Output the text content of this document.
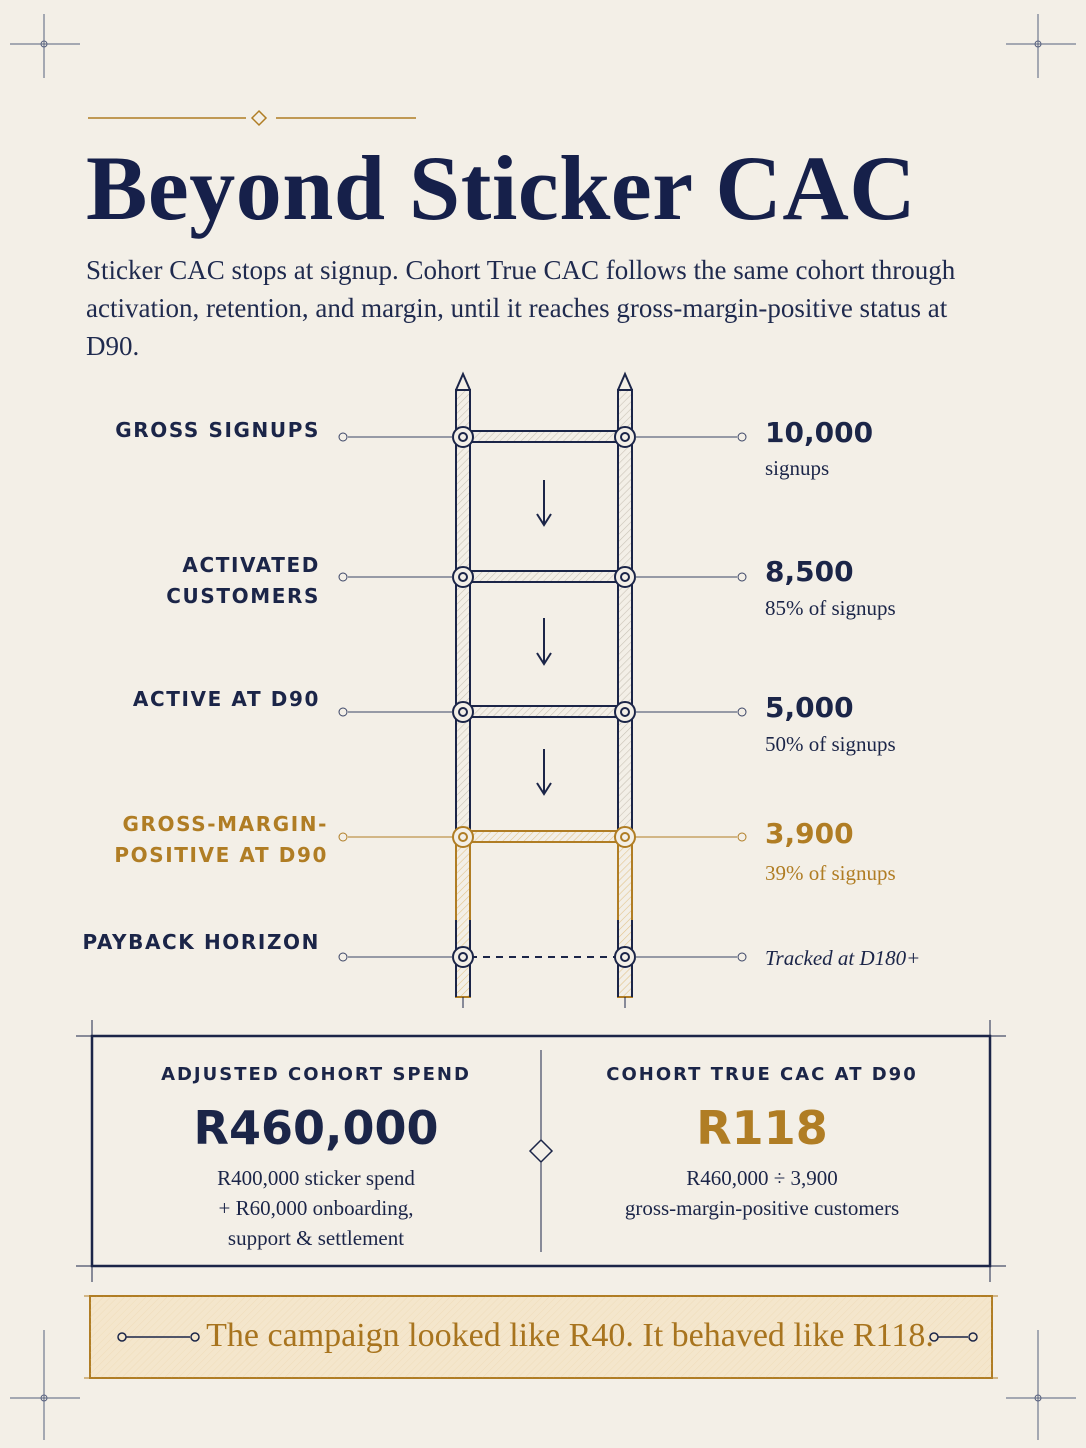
Beyond Sticker CAC

Sticker CAC stops at signup. Cohort True CAC follows the same cohort through activation, retention, and margin, until it reaches gross-margin-positive status at D90.

GROSS SIGNUPS
ACTIVATED CUSTOMERS
ACTIVE AT D90
GROSS-MARGIN-POSITIVE AT D90
PAYBACK HORIZON
10,000
signups
8,500
85% of signups
5,000
50% of signups
3,900
39% of signups
Tracked at D180+
ADJUSTED COHORT SPEND
R460,000
R400,000 sticker spend
+ R60,000 onboarding,
support & settlement
COHORT TRUE CAC AT D90
R118
R460,000 ÷ 3,900
gross-margin-positive customers
The campaign looked like R40. It behaved like R118.
